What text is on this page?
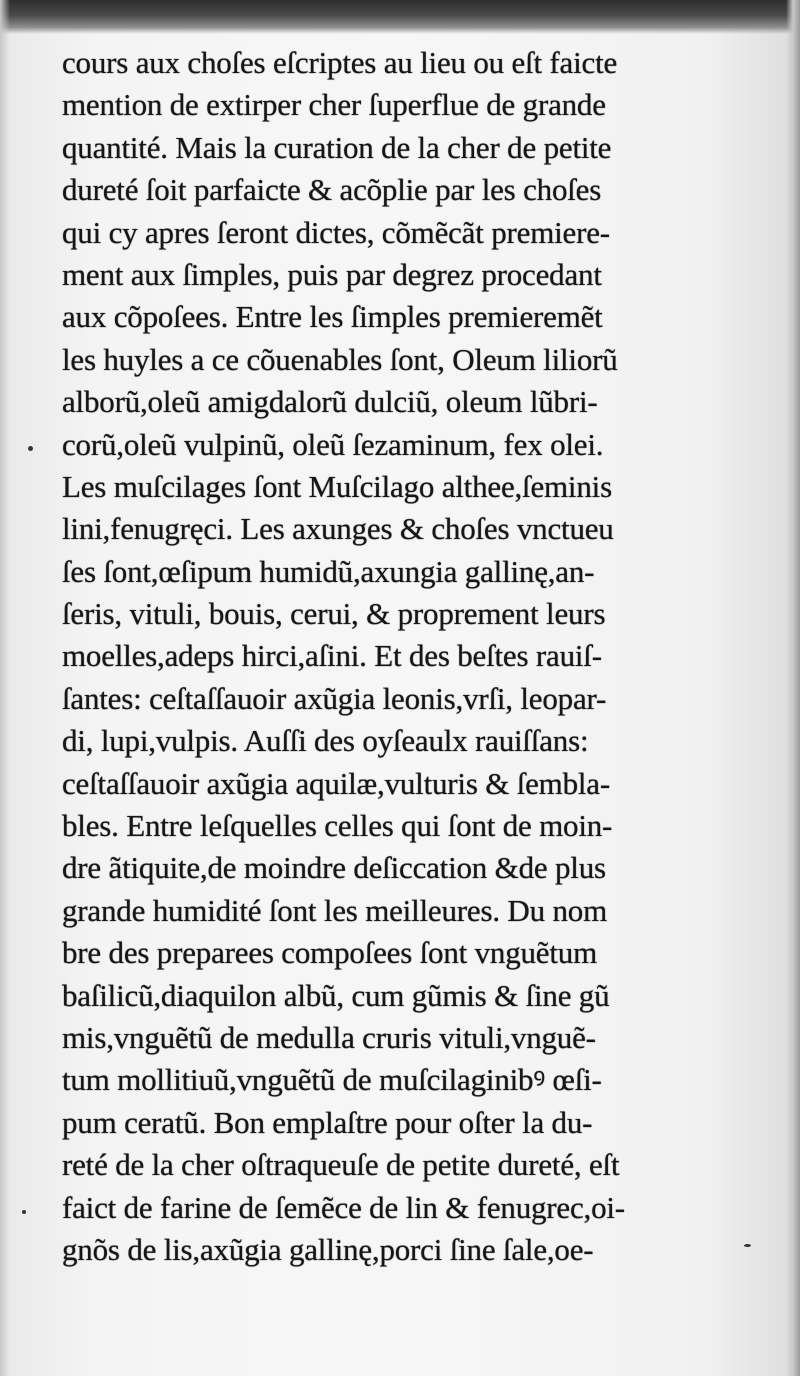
cours aux choſes eſcriptes au lieu ou eſt faicte
mention de extirper cher ſuperflue de grande
quantité. Mais la curation de la cher de petite
dureté ſoit parfaicte & acõplie par les choſes
qui cy apres ſeront dictes, cõmẽcãt premiere-
ment aux ſimples, puis par degrez procedant
aux cõpoſees. Entre les ſimples premieremẽt
les huyles a ce cõuenables ſont, Oleum liliorũ
alborũ,oleũ amigdalorũ dulciũ, oleum lũbri-
corũ,oleũ vulpinũ, oleũ ſezaminum, fex olei.
Les muſcilages ſont Muſcilago althee,ſeminis
lini,fenugręci. Les axunges & choſes vnctueu
ſes ſont,œſipum humidũ,axungia gallinę,an-
ſeris, vituli, bouis, cerui, & proprement leurs
moelles,adeps hirci,aſini. Et des beſtes rauiſ-
ſantes: ceſtaſſauoir axũgia leonis,vrſi, leopar-
di, lupi,vulpis. Auſſi des oyſeaulx rauiſſans:
ceſtaſſauoir axũgia aquilæ,vulturis & ſembla-
bles. Entre leſquelles celles qui ſont de moin-
dre ãtiquite,de moindre deſiccation &de plus
grande humidité ſont les meilleures. Du nom
bre des preparees compoſees ſont vnguẽtum
baſilicũ,diaquilon albũ, cum gũmis & ſine gũ
mis,vnguẽtũ de medulla cruris vituli,vnguẽ-
tum mollitiuũ,vnguẽtũ de muſcilaginibꝰ œſi-
pum ceratũ. Bon emplaſtre pour oſter la du-
reté de la cher oſtraqueuſe de petite dureté, eſt
faict de farine de ſemẽce de lin & fenugrec,oi-
gnõs de lis,axũgia gallinę,porci ſine ſale,oe-
